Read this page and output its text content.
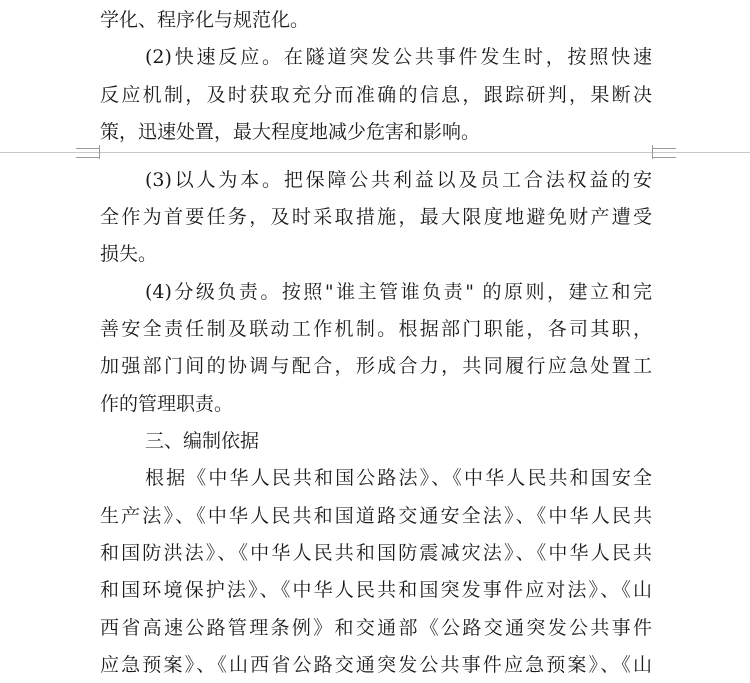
学化、程序化与规范化。
(2)快速反应。在隧道突发公共事件发生时，按照快速
反应机制，及时获取充分而准确的信息，跟踪研判，果断决
策，迅速处置，最大程度地减少危害和影响。
(3)以人为本。把保障公共利益以及员工合法权益的安
全作为首要任务，及时采取措施，最大限度地避免财产遭受
损失。
(4)分级负责。按照"谁主管谁负责" 的原则，建立和完
善安全责任制及联动工作机制。根据部门职能，各司其职，
加强部门间的协调与配合，形成合力，共同履行应急处置工
作的管理职责。
三、编制依据
根据《中华人民共和国公路法》、《中华人民共和国安全
生产法》、《中华人民共和国道路交通安全法》、《中华人民共
和国防洪法》、《中华人民共和国防震减灾法》、《中华人民共
和国环境保护法》、《中华人民共和国突发事件应对法》、《山
西省高速公路管理条例》和交通部《公路交通突发公共事件
应急预案》、《山西省公路交通突发公共事件应急预案》、《山
